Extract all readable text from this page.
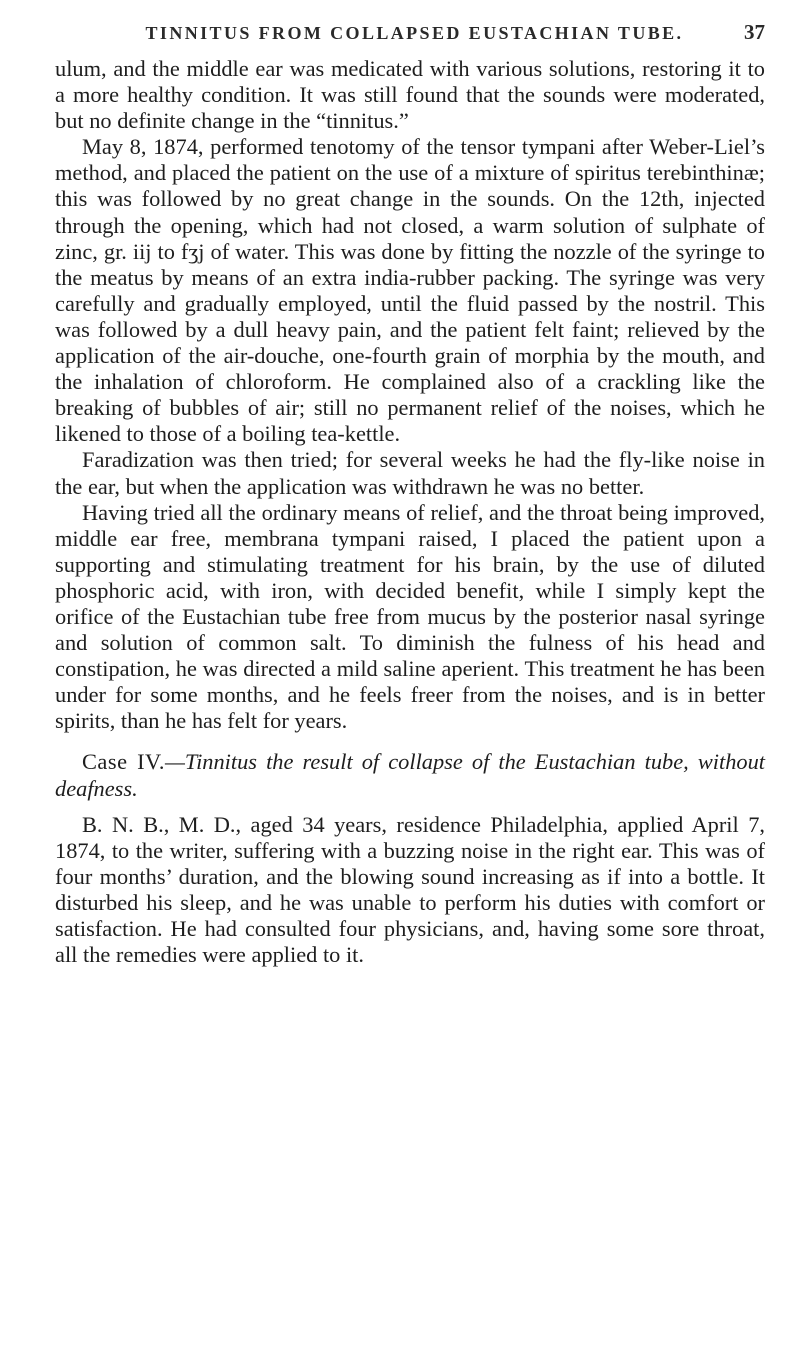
TINNITUS FROM COLLAPSED EUSTACHIAN TUBE.	37

ulum, and the middle ear was medicated with various solutions, restoring it to a more healthy condition. It was still found that the sounds were moderated, but no definite change in the “tinnitus.”

May 8, 1874, performed tenotomy of the tensor tympani after Weber-Liel’s method, and placed the patient on the use of a mixture of spiritus terebinthinæ; this was followed by no great change in the sounds. On the 12th, injected through the opening, which had not closed, a warm solution of sulphate of zinc, gr. iij to fʒj of water. This was done by fitting the nozzle of the syringe to the meatus by means of an extra india-rubber packing. The syringe was very carefully and gradually employed, until the fluid passed by the nostril. This was followed by a dull heavy pain, and the patient felt faint; relieved by the application of the air-douche, one-fourth grain of morphia by the mouth, and the inhalation of chloroform. He complained also of a crackling like the breaking of bubbles of air; still no permanent relief of the noises, which he likened to those of a boiling tea-kettle.

Faradization was then tried; for several weeks he had the fly-like noise in the ear, but when the application was withdrawn he was no better.

Having tried all the ordinary means of relief, and the throat being improved, middle ear free, membrana tympani raised, I placed the patient upon a supporting and stimulating treatment for his brain, by the use of diluted phosphoric acid, with iron, with decided benefit, while I simply kept the orifice of the Eustachian tube free from mucus by the posterior nasal syringe and solution of common salt. To diminish the fulness of his head and constipation, he was directed a mild saline aperient. This treatment he has been under for some months, and he feels freer from the noises, and is in better spirits, than he has felt for years.

Case IV.—Tinnitus the result of collapse of the Eustachian tube, without deafness.

B. N. B., M. D., aged 34 years, residence Philadelphia, applied April 7, 1874, to the writer, suffering with a buzzing noise in the right ear. This was of four months’ duration, and the blowing sound increasing as if into a bottle. It disturbed his sleep, and he was unable to perform his duties with comfort or satisfaction. He had consulted four physicians, and, having some sore throat, all the remedies were applied to it.
